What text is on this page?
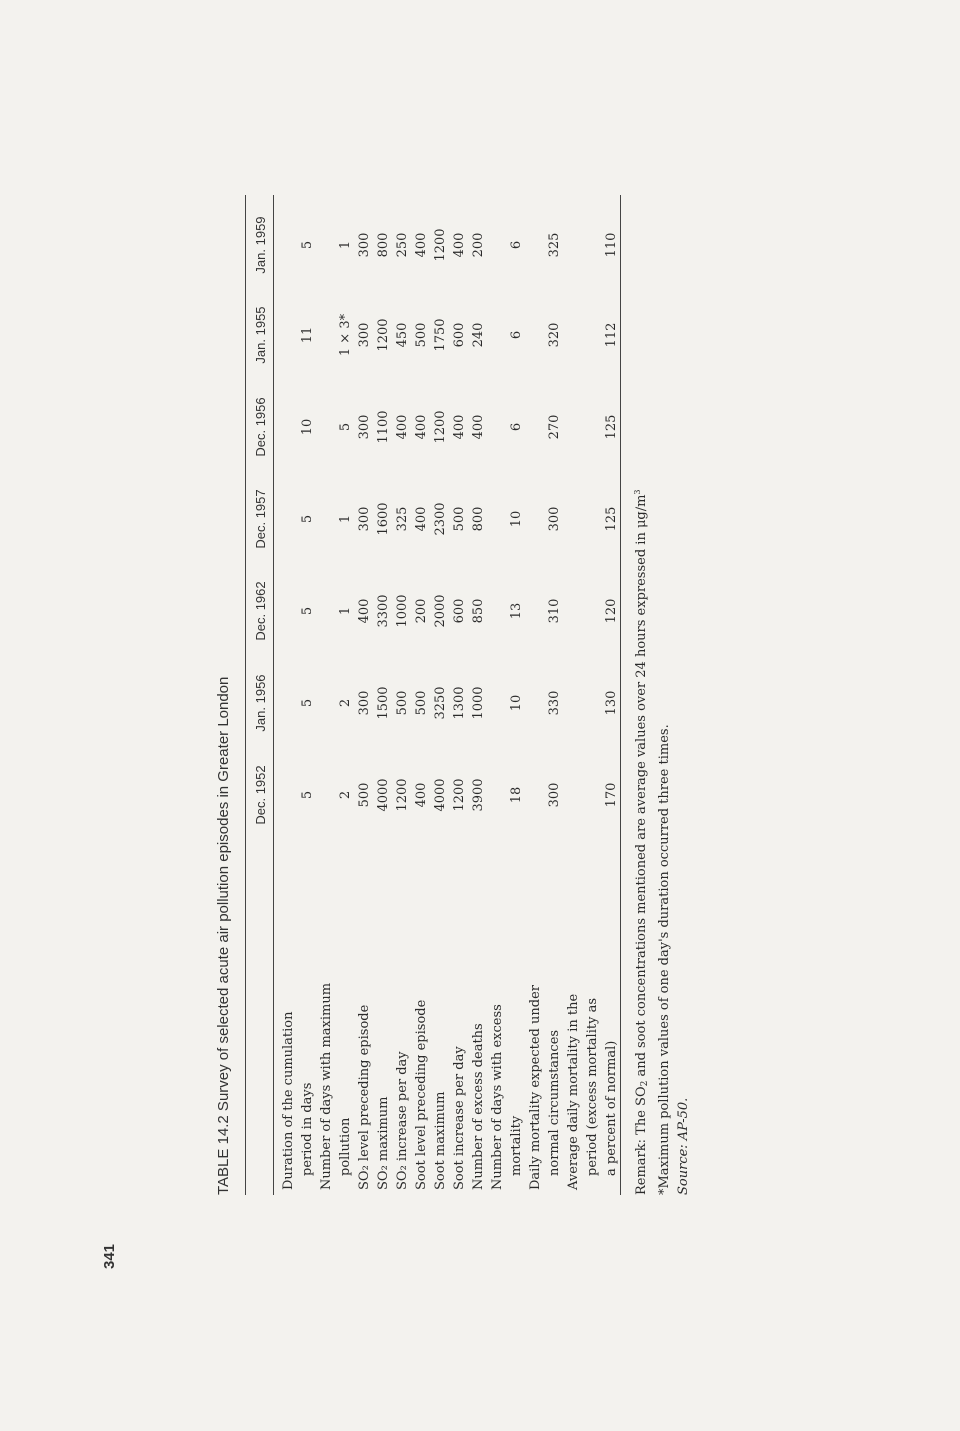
341
TABLE 14.2 Survey of selected acute air pollution episodes in Greater London Dec. 1952
Jan. 1956
Dec. 1962
Dec. 1957
Dec. 1956
Jan. 1955
Jan. 1959
Duration of the cumulation period in days
5
5
5
5
10
11
5
Number of days with maximum pollution
2
2
1
1
5
1 × 3*
1
SO₂ level preceding episode
500
300
400
300
300
300
300
SO₂ maximum
4000
1500
3300
1600
1100
1200
800
SO₂ increase per day
1200
500
1000
325
400
450
250
Soot level preceding episode
400
500
200
400
400
500
400
Soot maximum
4000
3250
2000
2300
1200
1750
1200
Soot increase per day
1200
1300
600
500
400
600
400
Number of excess deaths
3900
1000
850
800
400
240
200
Number of days with excess mortality
18
10
13
10
6
6
6
Daily mortality expected under normal circumstances
300
330
310
300
270
320
325
Average daily mortality in the period (excess mortality as a percent of normal)
170
130
120
125
125
112
110
Remark: The $SO_2$ and soot concentrations mentioned are average values over 24 hours expressed in $\mu g/m^3$
*Maximum pollution values of one day's duration occurred three times. Source: AP-50.
